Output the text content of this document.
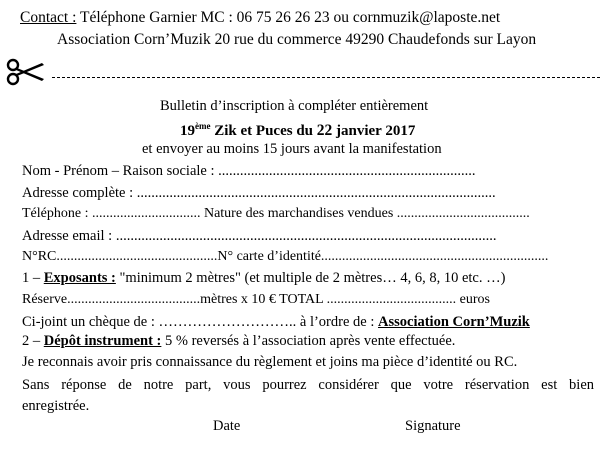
Contact : Téléphone Garnier MC : 06 75 26 26 23 ou cornmuzik@laposte.net
Association Corn’Muzik 20 rue du commerce 49290 Chaudefonds sur Layon
Bulletin d’inscription à compléter entièrement
19ème Zik et Puces du 22 janvier 2017
et envoyer au moins 15 jours avant la manifestation
Nom - Prénom – Raison sociale : .......................................................................
Adresse complète : ...................................................................................................
Téléphone : ............................... Nature des marchandises vendues ......................................
Adresse email : .........................................................................................................
N°RC..............................................N° carte d’identité.................................................................
1 – Exposants : "minimum 2 mètres" (et multiple de 2 mètres… 4, 6, 8, 10 etc. …)
Réserve......................................mètres x 10 € TOTAL ..................................... euros
Ci-joint un chèque de : ……………………….. à l’ordre de : Association Corn’Muzik
2 – Dépôt instrument : 5 % reversés à l’association après vente effectuée.
Je reconnais avoir pris connaissance du règlement et joins ma pièce d’identité ou RC.
Sans réponse de notre part, vous pourrez considérer que votre réservation est bien
enregistrée.
Date	Signature
